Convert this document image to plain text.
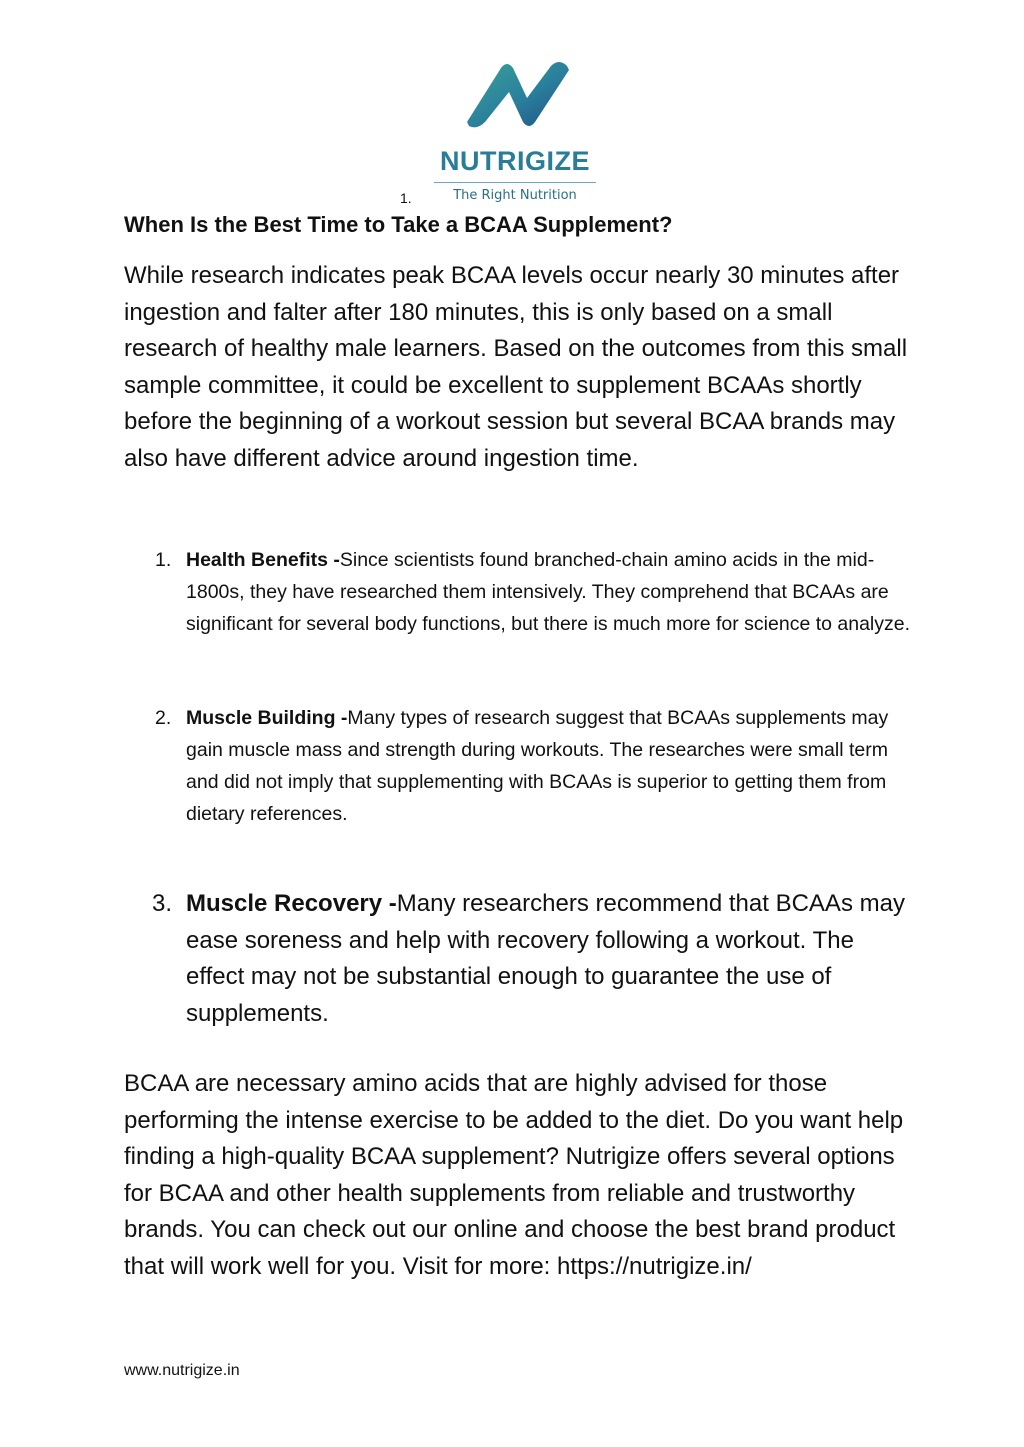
NUTRIGIZE
The Right Nutrition
1.
When Is the Best Time to Take a BCAA Supplement?

While research indicates peak BCAA levels occur nearly 30 minutes after ingestion and falter after 180 minutes, this is only based on a small research of healthy male learners. Based on the outcomes from this small sample committee, it could be excellent to supplement BCAAs shortly before the beginning of a workout session but several BCAA brands may also have different advice around ingestion time.

1. Health Benefits -Since scientists found branched-chain amino acids in the mid-1800s, they have researched them intensively. They comprehend that BCAAs are significant for several body functions, but there is much more for science to analyze.
2. Muscle Building -Many types of research suggest that BCAAs supplements may gain muscle mass and strength during workouts. The researches were small term and did not imply that supplementing with BCAAs is superior to getting them from dietary references.
3. Muscle Recovery -Many researchers recommend that BCAAs may ease soreness and help with recovery following a workout. The effect may not be substantial enough to guarantee the use of supplements.

BCAA are necessary amino acids that are highly advised for those performing the intense exercise to be added to the diet. Do you want help finding a high-quality BCAA supplement? Nutrigize offers several options for BCAA and other health supplements from reliable and trustworthy brands. You can check out our online and choose the best brand product that will work well for you. Visit for more: https://nutrigize.in/

www.nutrigize.in
